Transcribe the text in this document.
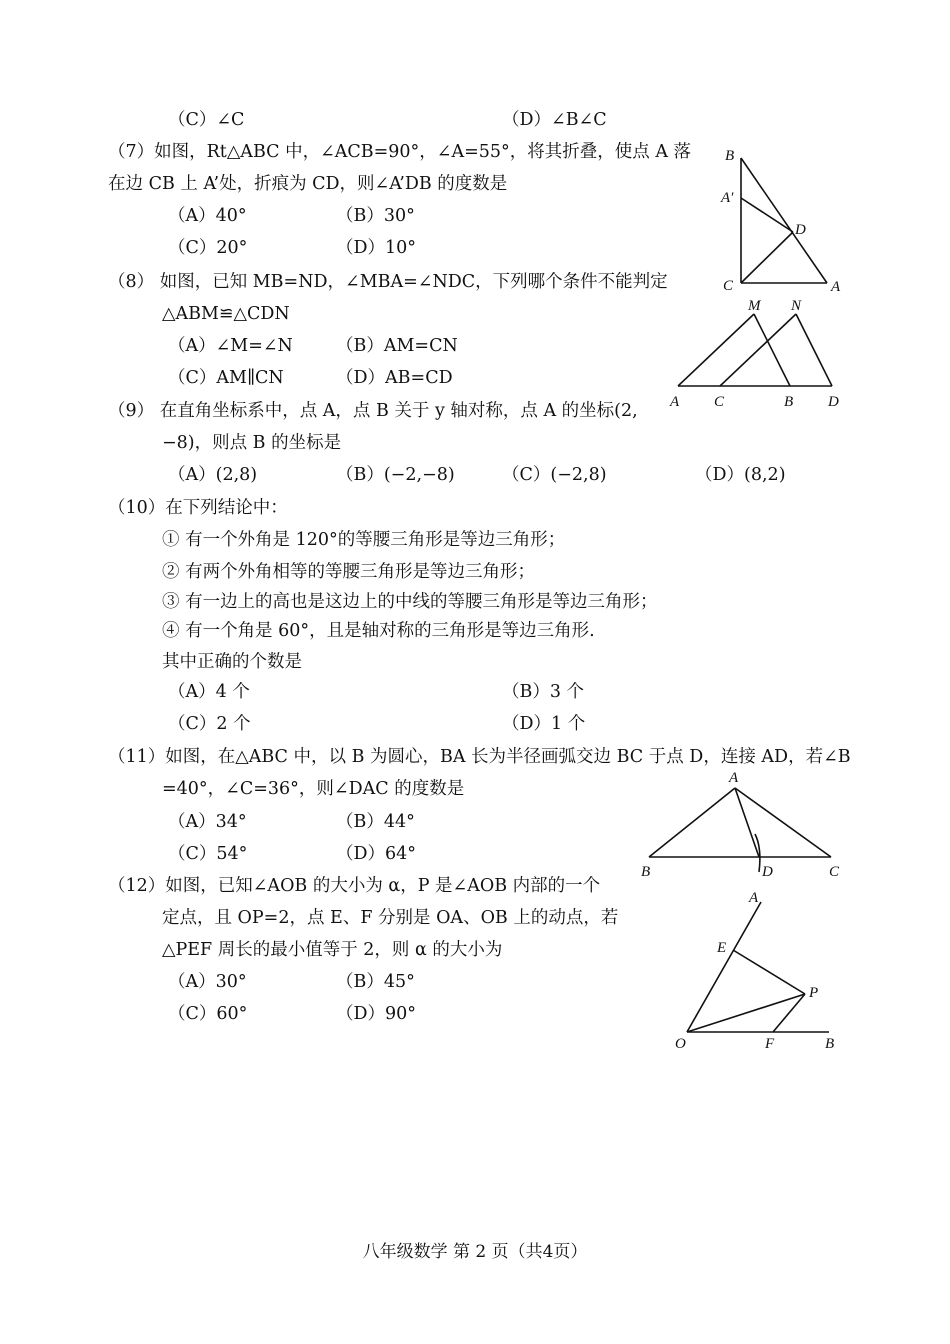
（C）∠C	（D）∠B∠C
（7）如图，Rt△ABC 中，∠ACB=90°，∠A=55°，将其折叠，使点 A 落
在边 CB 上 A’处，折痕为 CD，则∠A’DB 的度数是
（A）40°	（B）30°
（C）20°	（D）10°
B
A′
D
C	A
（8） 如图，已知 MB=ND，∠MBA=∠NDC，下列哪个条件不能判定
△ABM≌△CDN
（A）∠M=∠N （B）AM=CN
（C）AM∥CN	（D）AB=CD
M N
A C	B D
（9） 在直角坐标系中，点 A，点 B 关于 y 轴对称，点 A 的坐标(2,
−8)，则点 B 的坐标是
（A）(2,8)	（B）(−2,−8)	（C）(−2,8)	（D）(8,2)
（10）在下列结论中：
① 有一个外角是 120°的等腰三角形是等边三角形；
② 有两个外角相等的等腰三角形是等边三角形；
③ 有一边上的高也是这边上的中线的等腰三角形是等边三角形；
④ 有一个角是 60°，且是轴对称的三角形是等边三角形.
其中正确的个数是
（A）4 个	（B）3 个
（C）2 个	（D）1 个
（11）如图，在△ABC 中，以 B 为圆心，BA 长为半径画弧交边 BC 于点 D，连接 AD，若∠B
=40°，∠C=36°，则∠DAC 的度数是
（A）34°	（B）44°
（C）54°	（D）64°
A
B	D	C
（12）如图，已知∠AOB 的大小为 α，P 是∠AOB 内部的一个
定点，且 OP=2，点 E、F 分别是 OA、OB 上的动点，若
△PEF 周长的最小值等于 2，则 α 的大小为
（A）30°	（B）45°
（C）60°	（D）90°
A
E
P
O	F	B
八年级数学 第 2 页（共4页）
